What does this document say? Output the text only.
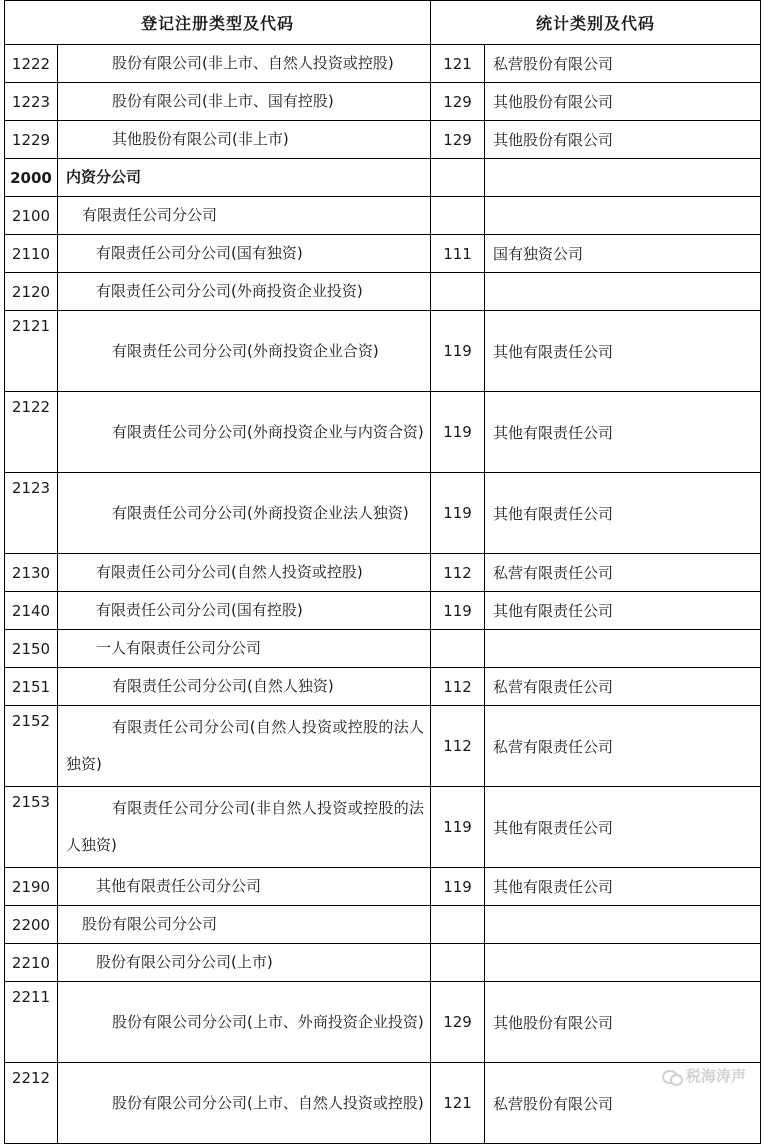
登记注册类型及代码		统计类别及代码	
1222	股份有限公司(非上市、自然人投资或控股)	121	私营股份有限公司
1223	股份有限公司(非上市、国有控股)	129	其他股份有限公司
1229	其他股份有限公司(非上市)	129	其他股份有限公司
2000	内资分公司		
2100	有限责任公司分公司		
2110	有限责任公司分公司(国有独资)	111	国有独资公司
2120	有限责任公司分公司(外商投资企业投资)		
2121	有限责任公司分公司(外商投资企业合资)	119	其他有限责任公司
2122	有限责任公司分公司(外商投资企业与内资合资)	119	其他有限责任公司
2123	有限责任公司分公司(外商投资企业法人独资)	119	其他有限责任公司
2130	有限责任公司分公司(自然人投资或控股)	112	私营有限责任公司
2140	有限责任公司分公司(国有控股)	119	其他有限责任公司
2150	一人有限责任公司分公司		
2151	有限责任公司分公司(自然人独资)	112	私营有限责任公司
2152	有限责任公司分公司(自然人投资或控股的法人独资)	112	私营有限责任公司
2153	有限责任公司分公司(非自然人投资或控股的法人独资)	119	其他有限责任公司
2190	其他有限责任公司分公司	119	其他有限责任公司
2200	股份有限公司分公司		
2210	股份有限公司分公司(上市)		
2211	股份有限公司分公司(上市、外商投资企业投资)	129	其他股份有限公司
2212	股份有限公司分公司(上市、自然人投资或控股)	121	私营股份有限公司
税海涛声
